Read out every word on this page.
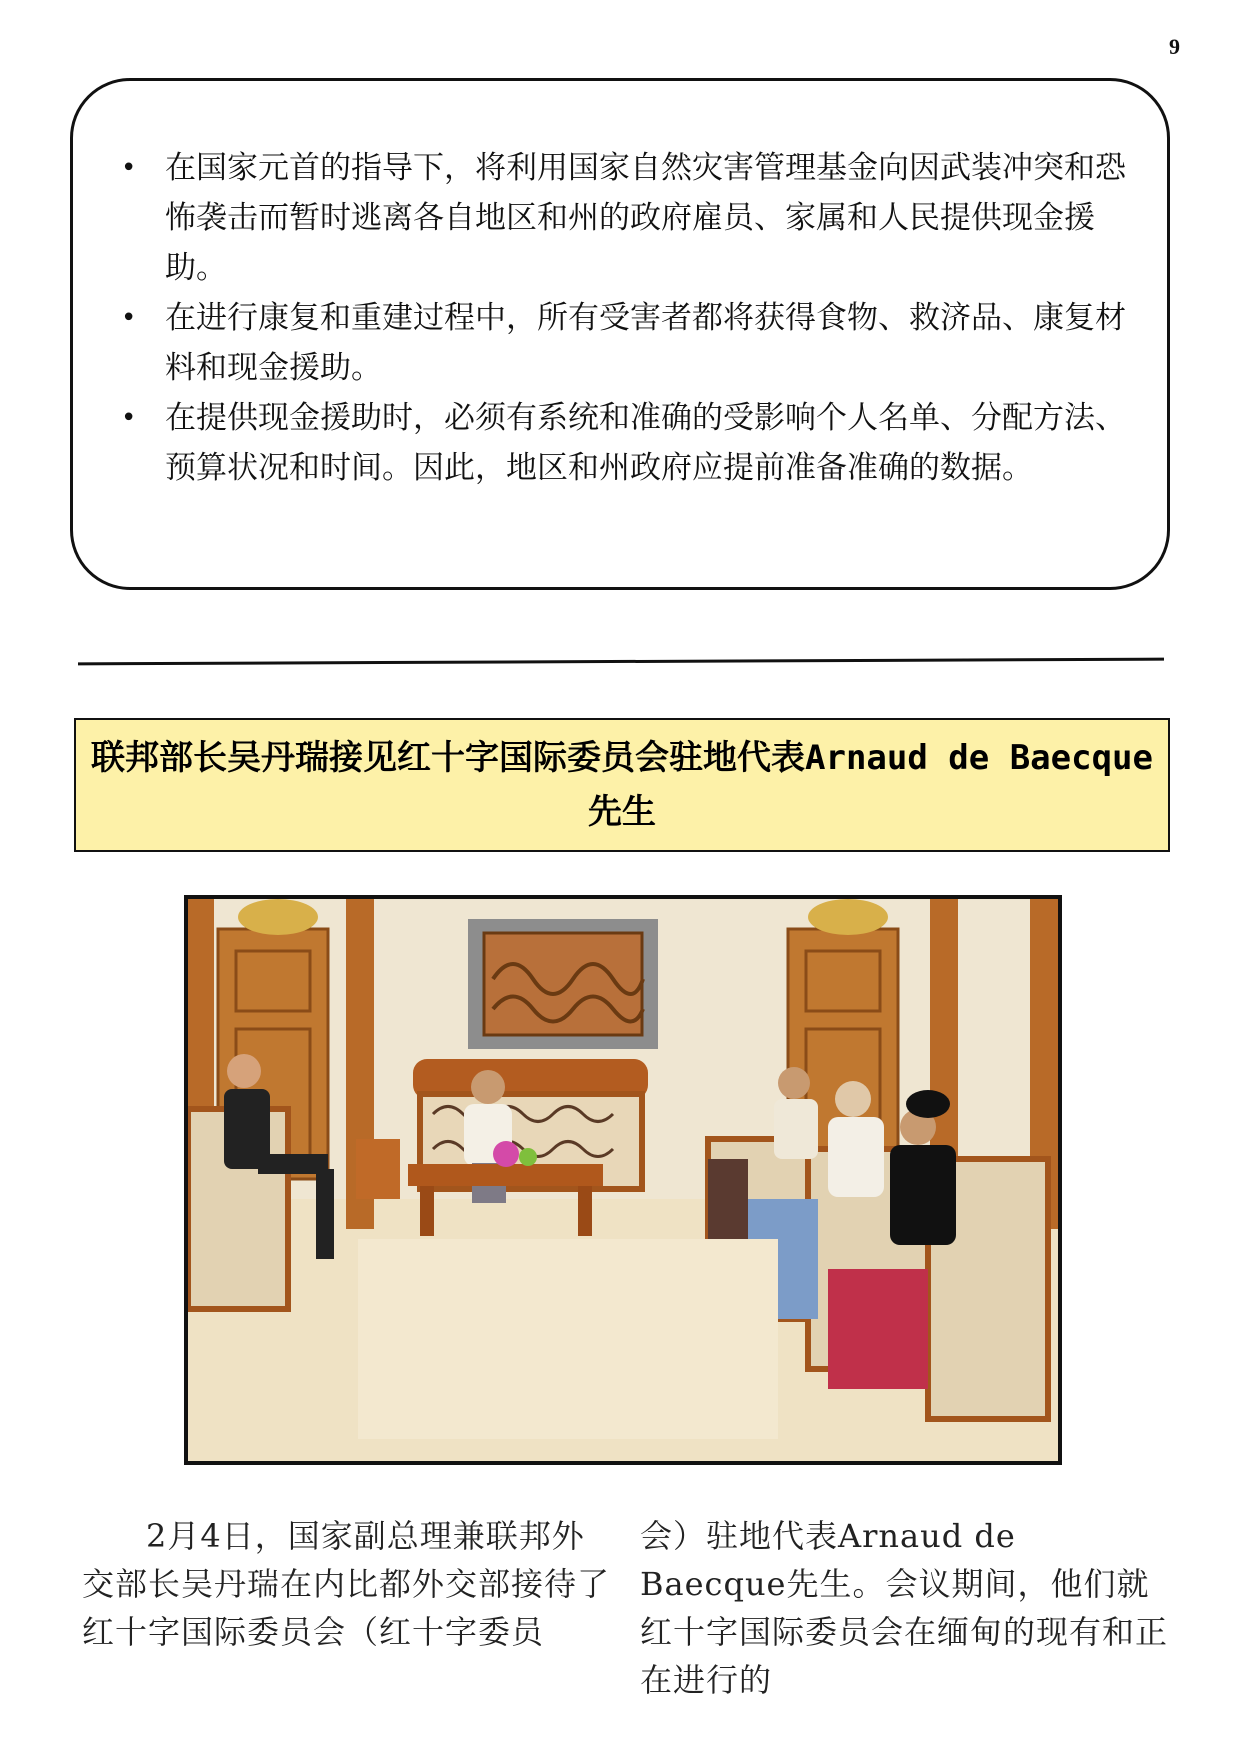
9
• 在国家元首的指导下，将利用国家自然灾害管理基金向因武装冲突和恐怖袭击而暂时逃离各自地区和州的政府雇员、家属和人民提供现金援助。
• 在进行康复和重建过程中，所有受害者都将获得食物、救济品、康复材料和现金援助。
• 在提供现金援助时，必须有系统和准确的受影响个人名单、分配方法、预算状况和时间。因此，地区和州政府应提前准备准确的数据。
联邦部长吴丹瑞接见红十字国际委员会驻地代表Arnaud de Baecque先生
2月4日，国家副总理兼联邦外交部长吴丹瑞在内比都外交部接待了红十字国际委员会（红十字委员
会）驻地代表Arnaud de Baecque先生。会议期间，他们就红十字国际委员会在缅甸的现有和正在进行的
